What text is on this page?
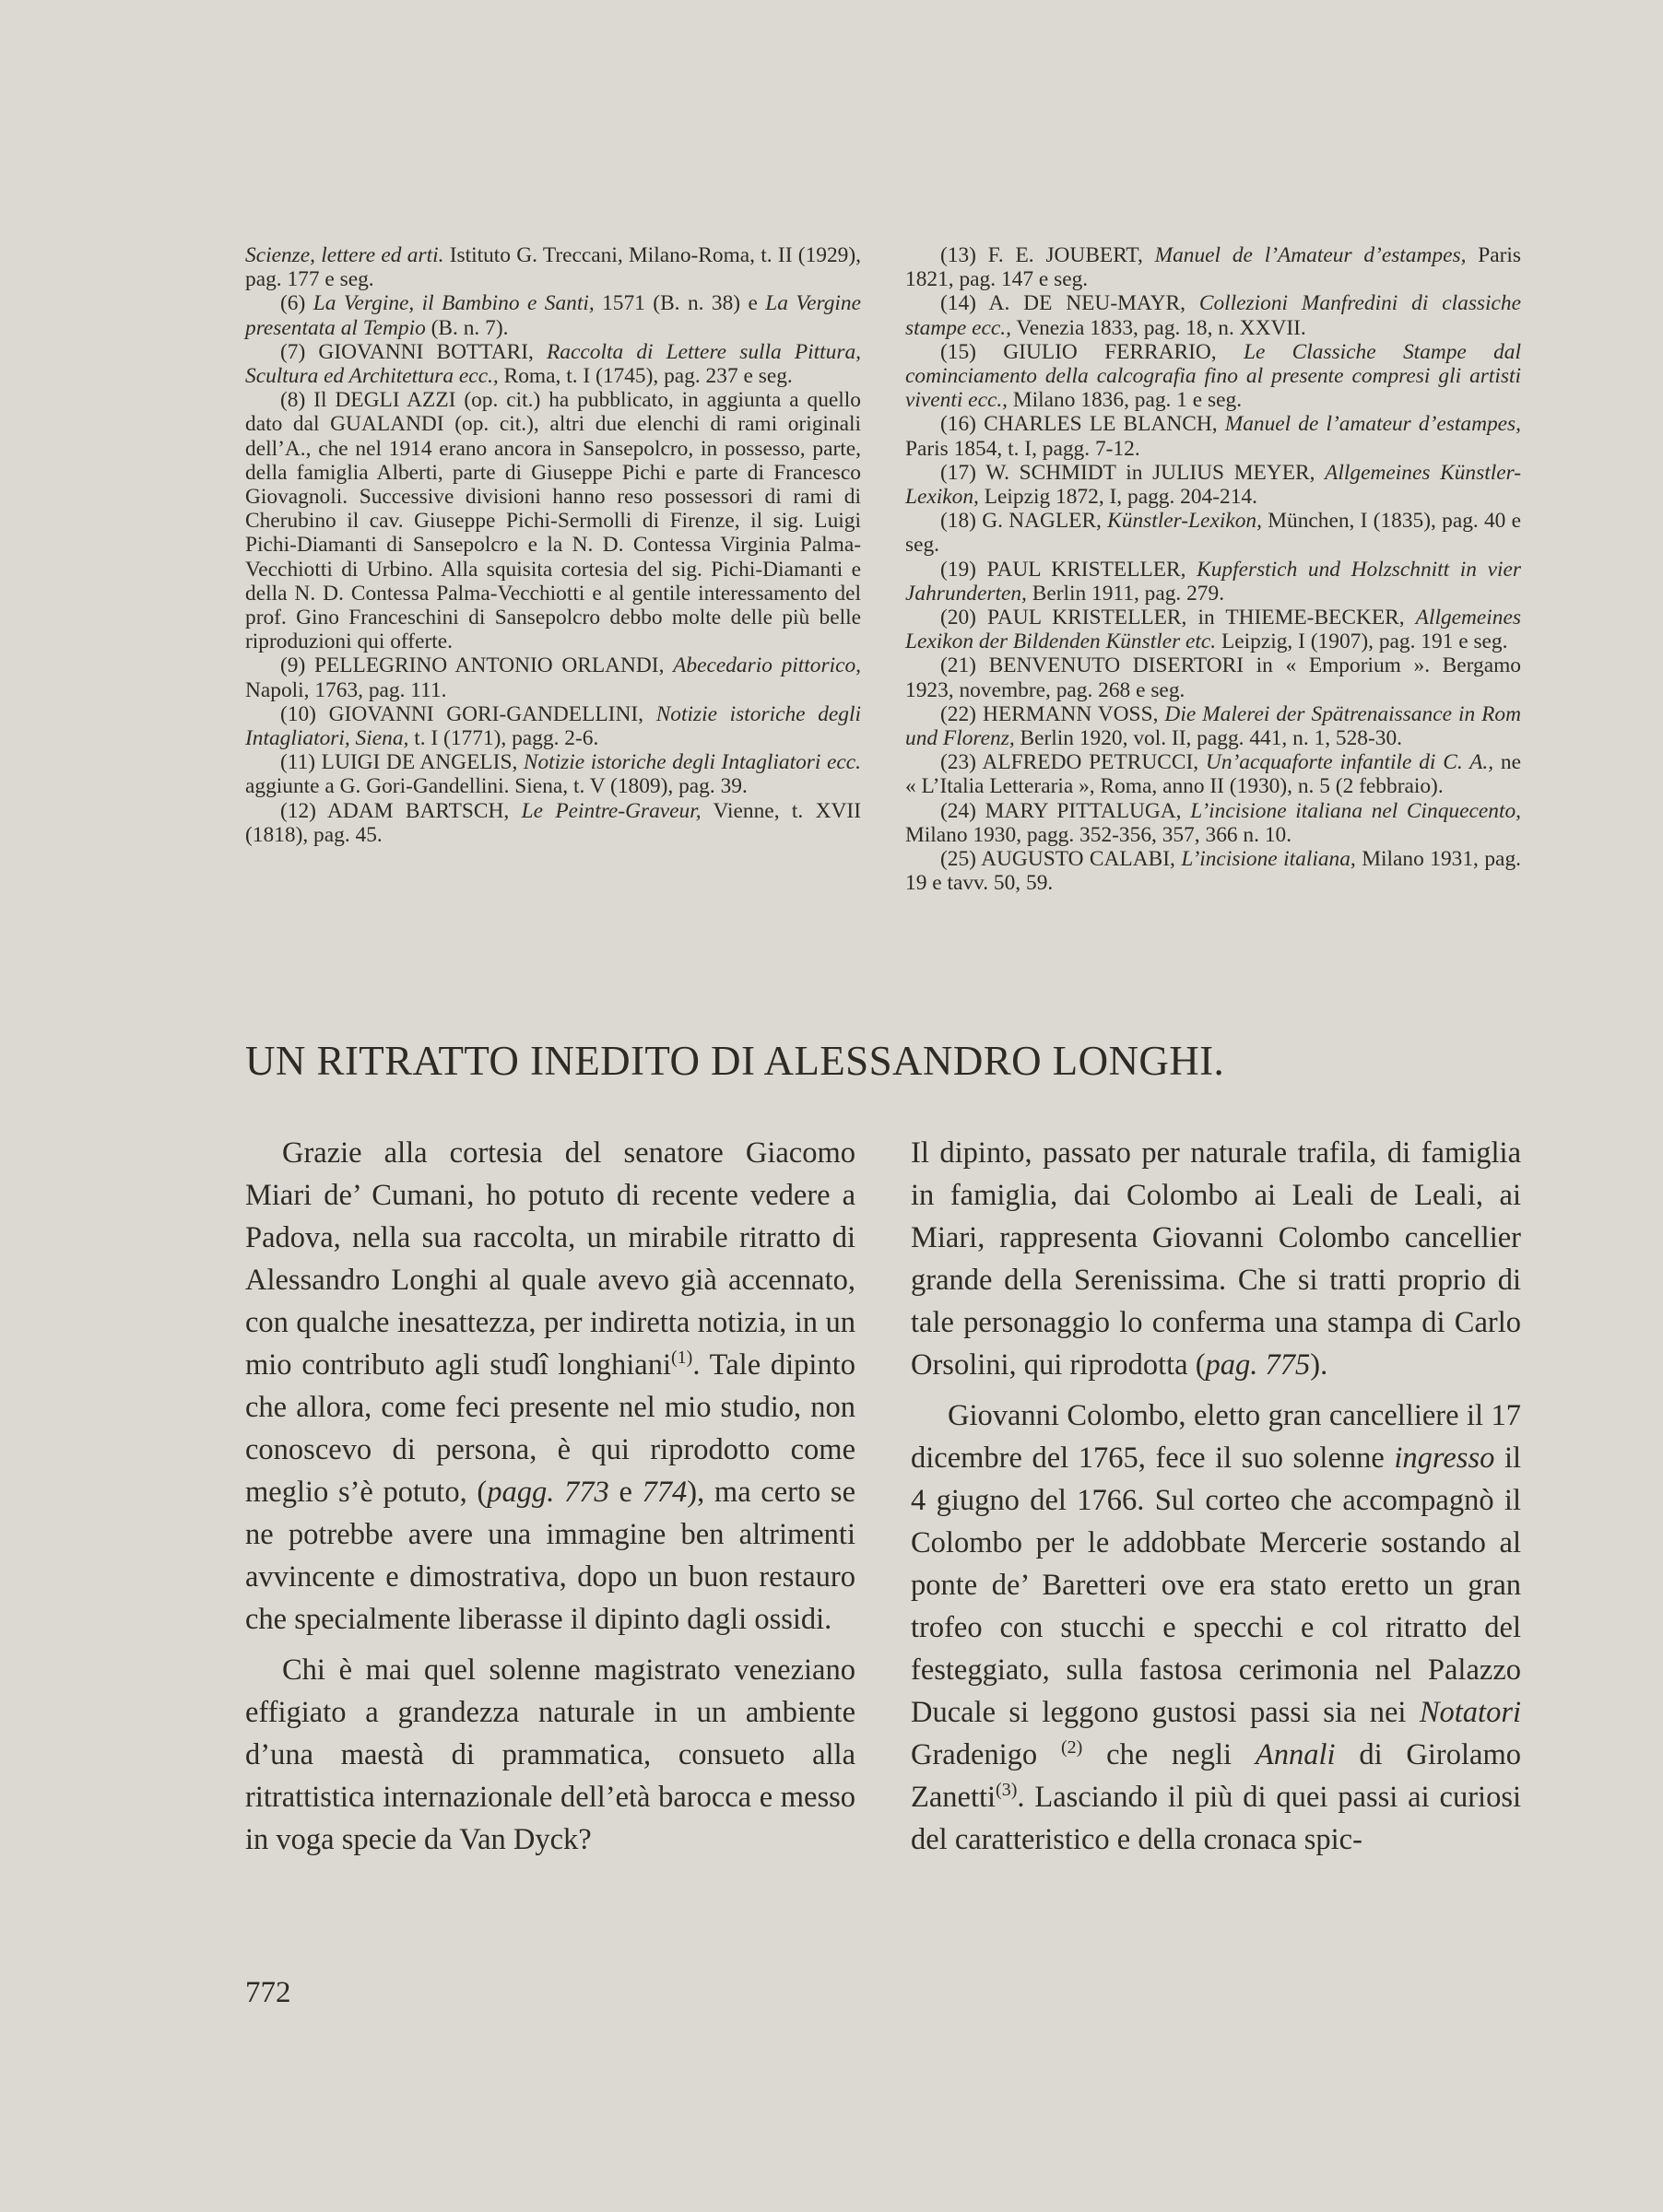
Scienze, lettere ed arti. Istituto G. Treccani, Milano-Roma, t. II (1929), pag. 177 e seg.

(6) La Vergine, il Bambino e Santi, 1571 (B. n. 38) e La Vergine presentata al Tempio (B. n. 7).

(7) GIOVANNI BOTTARI, Raccolta di Lettere sulla Pittura, Scultura ed Architettura ecc., Roma, t. I (1745), pag. 237 e seg.

(8) Il DEGLI AZZI (op. cit.) ha pubblicato, in aggiunta a quello dato dal GUALANDI (op. cit.), altri due elenchi di rami originali dell’A., che nel 1914 erano ancora in Sansepolcro, in possesso, parte, della famiglia Alberti, parte di Giuseppe Pichi e parte di Francesco Giovagnoli. Successive divisioni hanno reso possessori di rami di Cherubino il cav. Giuseppe Pichi-Sermolli di Firenze, il sig. Luigi Pichi-Diamanti di Sansepolcro e la N. D. Contessa Virginia Palma-Vecchiotti di Urbino. Alla squisita cortesia del sig. Pichi-Diamanti e della N. D. Contessa Palma-Vecchiotti e al gentile interessamento del prof. Gino Franceschini di Sansepolcro debbo molte delle più belle riproduzioni qui offerte.

(9) PELLEGRINO ANTONIO ORLANDI, Abecedario pittorico, Napoli, 1763, pag. 111.

(10) GIOVANNI GORI-GANDELLINI, Notizie istoriche degli Intagliatori, Siena, t. I (1771), pagg. 2-6.

(11) LUIGI DE ANGELIS, Notizie istoriche degli Intagliatori ecc. aggiunte a G. Gori-Gandellini. Siena, t. V (1809), pag. 39.

(12) ADAM BARTSCH, Le Peintre-Graveur, Vienne, t. XVII (1818), pag. 45.

(13) F. E. JOUBERT, Manuel de l’Amateur d’estampes, Paris 1821, pag. 147 e seg.

(14) A. DE NEU-MAYR, Collezioni Manfredini di classiche stampe ecc., Venezia 1833, pag. 18, n. XXVII.

(15) GIULIO FERRARIO, Le Classiche Stampe dal cominciamento della calcografia fino al presente compresi gli artisti viventi ecc., Milano 1836, pag. 1 e seg.

(16) CHARLES LE BLANCH, Manuel de l’amateur d’estampes, Paris 1854, t. I, pagg. 7-12.

(17) W. SCHMIDT in JULIUS MEYER, Allgemeines Künstler-Lexikon, Leipzig 1872, I, pagg. 204-214.

(18) G. NAGLER, Künstler-Lexikon, München, I (1835), pag. 40 e seg.

(19) PAUL KRISTELLER, Kupferstich und Holzschnitt in vier Jahrunderten, Berlin 1911, pag. 279.

(20) PAUL KRISTELLER, in THIEME-BECKER, Allgemeines Lexikon der Bildenden Künstler etc. Leipzig, I (1907), pag. 191 e seg.

(21) BENVENUTO DISERTORI in « Emporium ». Bergamo 1923, novembre, pag. 268 e seg.

(22) HERMANN VOSS, Die Malerei der Spätrenaissance in Rom und Florenz, Berlin 1920, vol. II, pagg. 441, n. 1, 528-30.

(23) ALFREDO PETRUCCI, Un’acquaforte infantile di C. A., ne « L’Italia Letteraria », Roma, anno II (1930), n. 5 (2 febbraio).

(24) MARY PITTALUGA, L’incisione italiana nel Cinquecento, Milano 1930, pagg. 352-356, 357, 366 n. 10.

(25) AUGUSTO CALABI, L’incisione italiana, Milano 1931, pag. 19 e tavv. 50, 59.

UN RITRATTO INEDITO DI ALESSANDRO LONGHI.

Grazie alla cortesia del senatore Giacomo Miari de’ Cumani, ho potuto di recente vedere a Padova, nella sua raccolta, un mirabile ritratto di Alessandro Longhi al quale avevo già accennato, con qualche inesattezza, per indiretta notizia, in un mio contributo agli studî longhiani$^{(1)}$. Tale dipinto che allora, come feci presente nel mio studio, non conoscevo di persona, è qui riprodotto come meglio s’è potuto, (pagg. 773 e 774), ma certo se ne potrebbe avere una immagine ben altrimenti avvincente e dimostrativa, dopo un buon restauro che specialmente liberasse il dipinto dagli ossidi.

Chi è mai quel solenne magistrato veneziano effigiato a grandezza naturale in un ambiente d’una maestà di prammatica, consueto alla ritrattistica internazionale dell’età barocca e messo in voga specie da Van Dyck?

Il dipinto, passato per naturale trafila, di famiglia in famiglia, dai Colombo ai Leali de Leali, ai Miari, rappresenta Giovanni Colombo cancellier grande della Serenissima. Che si tratti proprio di tale personaggio lo conferma una stampa di Carlo Orsolini, qui riprodotta (pag. 775).

Giovanni Colombo, eletto gran cancelliere il 17 dicembre del 1765, fece il suo solenne ingresso il 4 giugno del 1766. Sul corteo che accompagnò il Colombo per le addobbate Mercerie sostando al ponte de’ Baretteri ove era stato eretto un gran trofeo con stucchi e specchi e col ritratto del festeggiato, sulla fastosa cerimonia nel Palazzo Ducale si leggono gustosi passi sia nei Notatori Gradenigo $^{(2)}$ che negli Annali di Girolamo Zanetti$^{(3)}$. Lasciando il più di quei passi ai curiosi del caratteristico e della cronaca spic-

772
